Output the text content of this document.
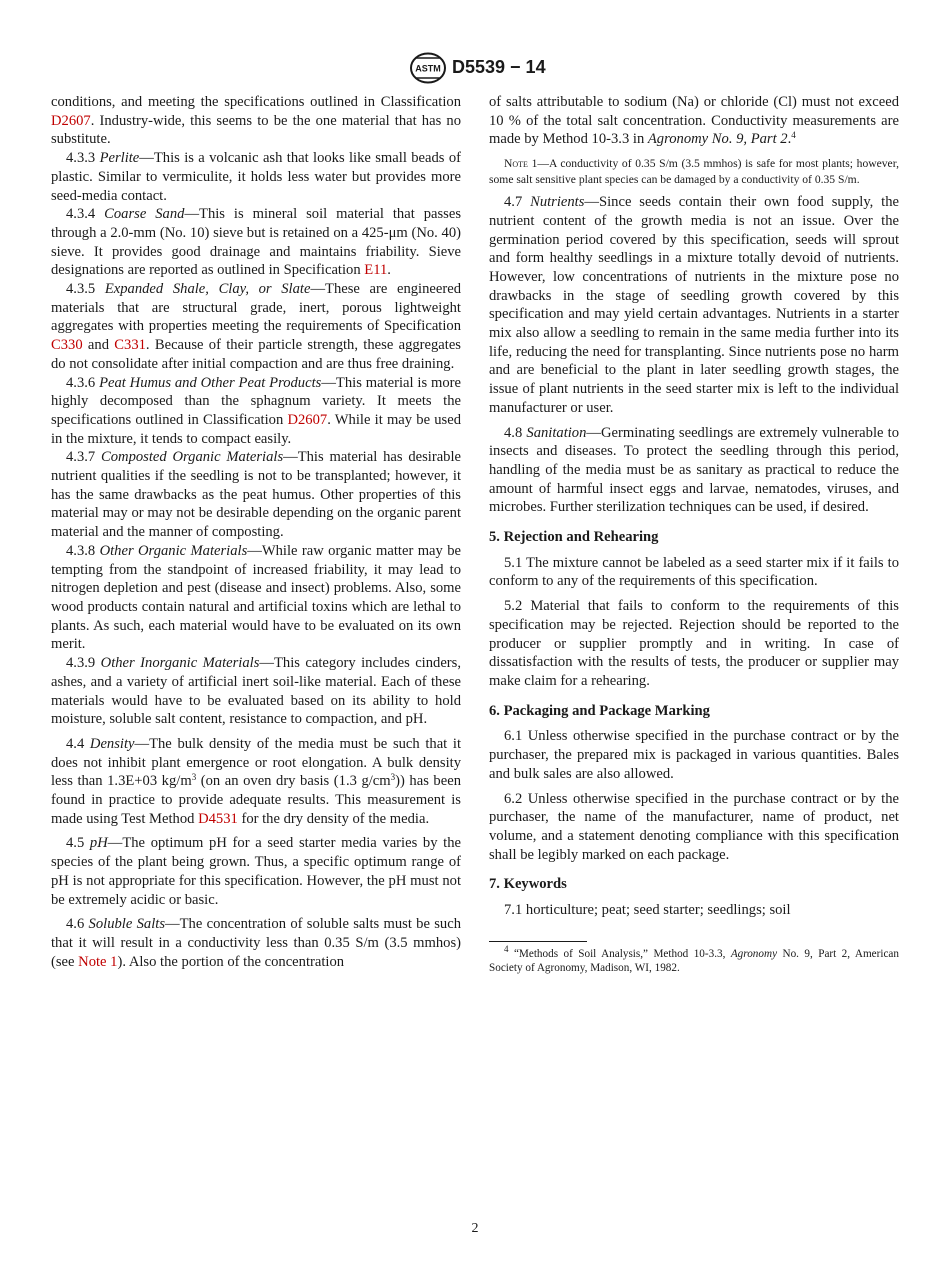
ASTM D5539 − 14

conditions, and meeting the specifications outlined in Classification D2607. Industry-wide, this seems to be the one material that has no substitute.

4.3.3 Perlite—This is a volcanic ash that looks like small beads of plastic. Similar to vermiculite, it holds less water but provides more seed-media contact.

4.3.4 Coarse Sand—This is mineral soil material that passes through a 2.0-mm (No. 10) sieve but is retained on a 425-μm (No. 40) sieve. It provides good drainage and maintains friability. Sieve designations are reported as outlined in Specification E11.

4.3.5 Expanded Shale, Clay, or Slate—These are engineered materials that are structural grade, inert, porous lightweight aggregates with properties meeting the requirements of Specification C330 and C331. Because of their particle strength, these aggregates do not consolidate after initial compaction and are thus free draining.

4.3.6 Peat Humus and Other Peat Products—This material is more highly decomposed than the sphagnum variety. It meets the specifications outlined in Classification D2607. While it may be used in the mixture, it tends to compact easily.

4.3.7 Composted Organic Materials—This material has desirable nutrient qualities if the seedling is not to be transplanted; however, it has the same drawbacks as the peat humus. Other properties of this material may or may not be desirable depending on the organic parent material and the manner of composting.

4.3.8 Other Organic Materials—While raw organic matter may be tempting from the standpoint of increased friability, it may lead to nitrogen depletion and pest (disease and insect) problems. Also, some wood products contain natural and artificial toxins which are lethal to plants. As such, each material would have to be evaluated on its own merit.

4.3.9 Other Inorganic Materials—This category includes cinders, ashes, and a variety of artificial inert soil-like material. Each of these materials would have to be evaluated based on its ability to hold moisture, soluble salt content, resistance to compaction, and pH.

4.4 Density—The bulk density of the media must be such that it does not inhibit plant emergence or root elongation. A bulk density less than 1.3E+03 $kg/m^3$ (on an oven dry basis (1.3 $g/cm^3$)) has been found in practice to provide adequate results. This measurement is made using Test Method D4531 for the dry density of the media.

4.5 pH—The optimum pH for a seed starter media varies by the species of the plant being grown. Thus, a specific optimum range of pH is not appropriate for this specification. However, the pH must not be extremely acidic or basic.

4.6 Soluble Salts—The concentration of soluble salts must be such that it will result in a conductivity less than 0.35 S/m (3.5 mmhos) (see Note 1). Also the portion of the concentration

of salts attributable to sodium (Na) or chloride (Cl) must not exceed 10 % of the total salt concentration. Conductivity measurements are made by Method 10-3.3 in Agronomy No. 9, Part 2.$^4$

Note 1—A conductivity of 0.35 S/m (3.5 mmhos) is safe for most plants; however, some salt sensitive plant species can be damaged by a conductivity of 0.35 S/m.

4.7 Nutrients—Since seeds contain their own food supply, the nutrient content of the growth media is not an issue. Over the germination period covered by this specification, seeds will sprout and form healthy seedlings in a mixture totally devoid of nutrients. However, low concentrations of nutrients in the mixture pose no drawbacks in the stage of seedling growth covered by this specification and may yield certain advantages. Nutrients in a starter mix also allow a seedling to remain in the same media further into its life, reducing the need for transplanting. Since nutrients pose no harm and are beneficial to the plant in later seedling growth stages, the issue of plant nutrients in the seed starter mix is left to the individual manufacturer or user.

4.8 Sanitation—Germinating seedlings are extremely vulnerable to insects and diseases. To protect the seedling through this period, handling of the media must be as sanitary as practical to reduce the amount of harmful insect eggs and larvae, nematodes, viruses, and microbes. Further sterilization techniques can be used, if desired.

5. Rejection and Rehearing

5.1 The mixture cannot be labeled as a seed starter mix if it fails to conform to any of the requirements of this specification.

5.2 Material that fails to conform to the requirements of this specification may be rejected. Rejection should be reported to the producer or supplier promptly and in writing. In case of dissatisfaction with the results of tests, the producer or supplier may make claim for a rehearing.

6. Packaging and Package Marking

6.1 Unless otherwise specified in the purchase contract or by the purchaser, the prepared mix is packaged in various quantities. Bales and bulk sales are also allowed.

6.2 Unless otherwise specified in the purchase contract or by the purchaser, the name of the manufacturer, name of product, net volume, and a statement denoting compliance with this specification shall be legibly marked on each package.

7. Keywords

7.1 horticulture; peat; seed starter; seedlings; soil

$^4$ “Methods of Soil Analysis,” Method 10-3.3, Agronomy No. 9, Part 2, American Society of Agronomy, Madison, WI, 1982.

2
